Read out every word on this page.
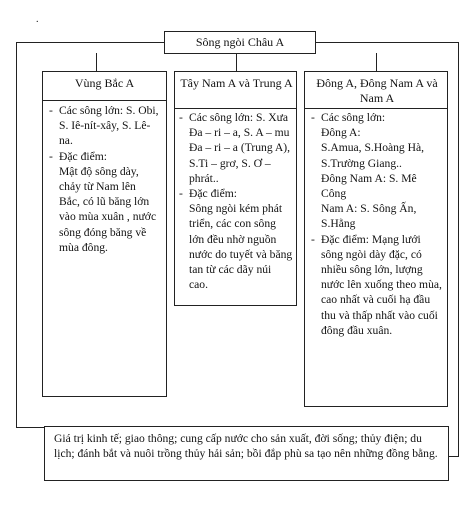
.
Sông ngòi Châu A
Vùng Bắc A
- Các sông lớn: S. Obi, S. Iê-nít-xây, S. Lê-na.
- Đặc điểm:
Mật độ sông dày, chảy từ Nam lên Bắc, có lũ băng lớn vào mùa xuân , nước sông đóng băng về mùa đông.
Tây Nam A và Trung A
- Các sông lớn: S. Xưa Đa – ri – a, S. A – mu Đa – ri – a (Trung A), S.Ti – grơ, S. Ơ – phrát..
- Đặc điểm:
Sông ngòi kém phát triển, các con sông lớn đều nhờ nguồn nước do tuyết và băng tan từ các dãy núi cao.
Đông A, Đông Nam A và Nam A
- Các sông lớn:
Đông A:
S.Amua, S.Hoàng Hà, S.Trường Giang..
Đông Nam A: S. Mê Công
Nam A: S. Sông Ấn, S.Hằng
- Đặc điểm: Mạng lưới sông ngòi dày đặc, có nhiều sông lớn, lượng nước lên xuống theo mùa, cao nhất và cuối hạ đầu thu và thấp nhất vào cuối đông đầu xuân.
Giá trị kinh tế; giao thông; cung cấp nước cho sản xuất, đời sống; thủy điện; du lịch; đánh bắt và nuôi trồng thủy hải sản; bồi đắp phù sa tạo nên những đồng bằng.
